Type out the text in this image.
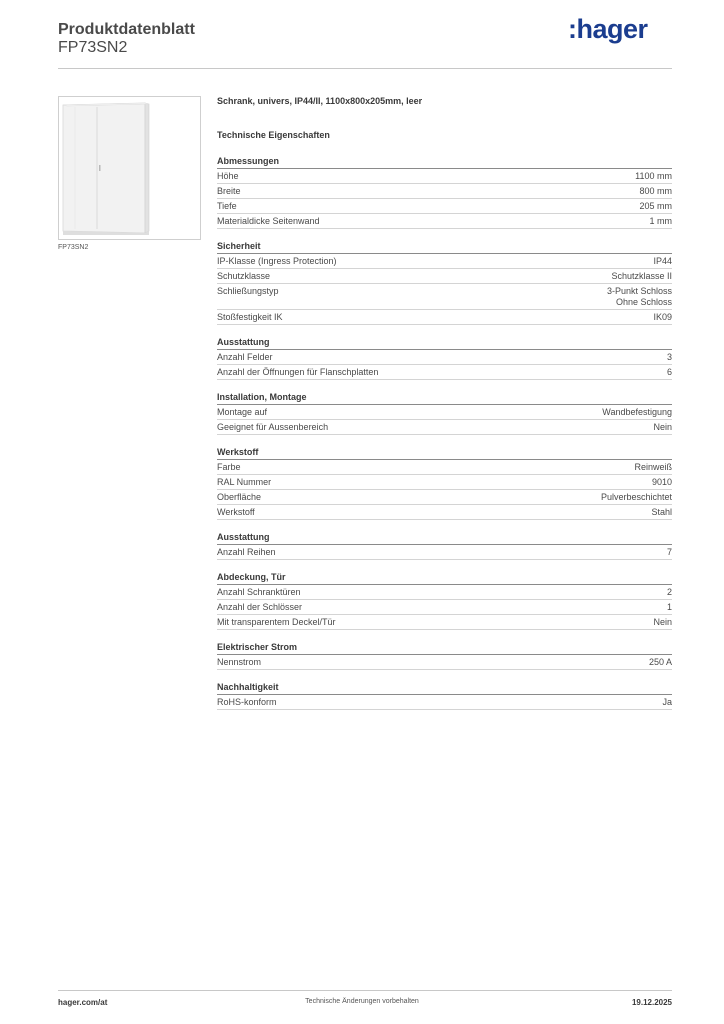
Produktdatenblatt
FP73SN2
:hager
FP73SN2
Schrank, univers, IP44/II, 1100x800x205mm, leer
Technische Eigenschaften
Abmessungen
Höhe	1100 mm
Breite	800 mm
Tiefe	205 mm
Materialdicke Seitenwand	1 mm
Sicherheit
IP-Klasse (Ingress Protection)	IP44
Schutzklasse	Schutzklasse II
Schließungstyp	3-Punkt Schloss
Ohne Schloss
Stoßfestigkeit IK	IK09
Ausstattung
Anzahl Felder	3
Anzahl der Öffnungen für Flanschplatten	6
Installation, Montage
Montage auf	Wandbefestigung
Geeignet für Aussenbereich	Nein
Werkstoff
Farbe	Reinweiß
RAL Nummer	9010
Oberfläche	Pulverbeschichtet
Werkstoff	Stahl
Ausstattung
Anzahl Reihen	7
Abdeckung, Tür
Anzahl Schranktüren	2
Anzahl der Schlösser	1
Mit transparentem Deckel/Tür	Nein
Elektrischer Strom
Nennstrom	250 A
Nachhaltigkeit
RoHS-konform	Ja
Technische Änderungen vorbehalten
hager.com/at	19.12.2025
